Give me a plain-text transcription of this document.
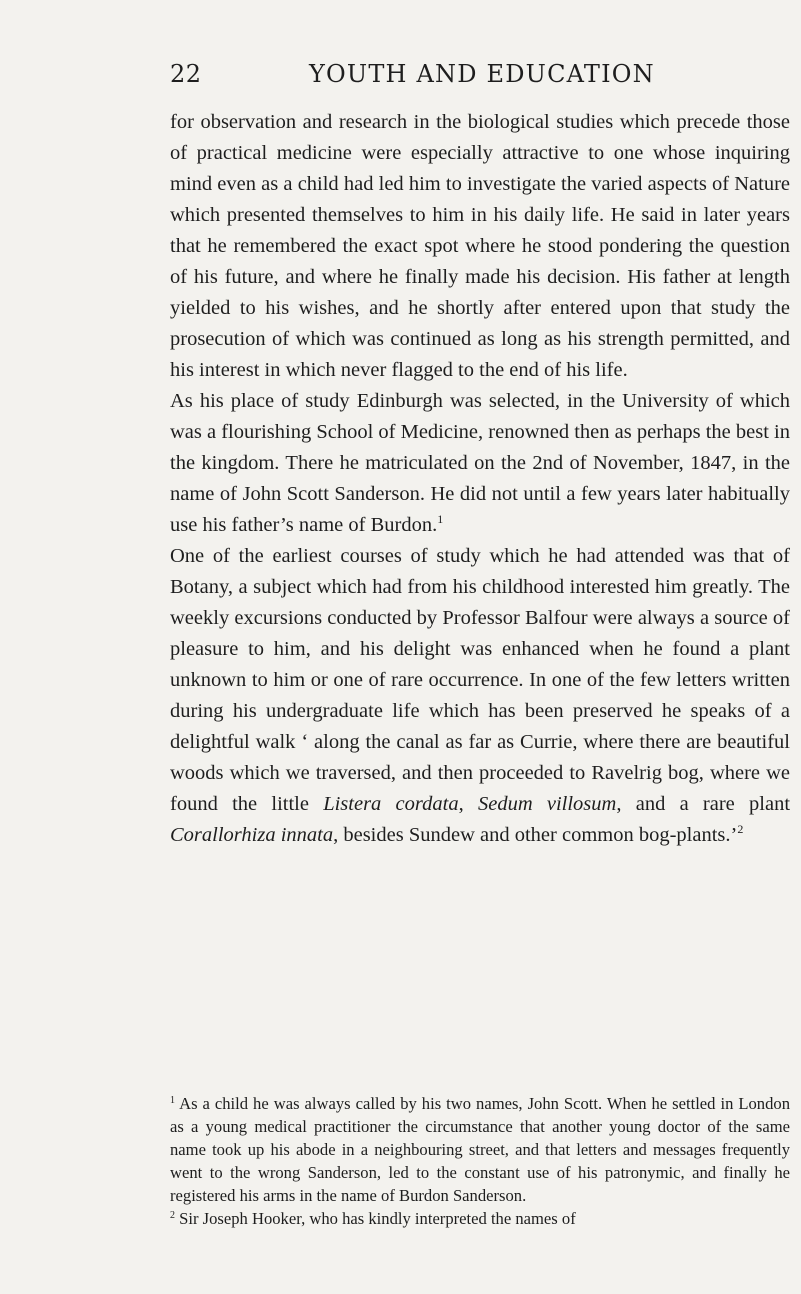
22	YOUTH AND EDUCATION

for observation and research in the biological studies which precede those of practical medicine were especially attractive to one whose inquiring mind even as a child had led him to investigate the varied aspects of Nature which presented themselves to him in his daily life. He said in later years that he remembered the exact spot where he stood pondering the question of his future, and where he finally made his decision. His father at length yielded to his wishes, and he shortly after entered upon that study the prosecution of which was continued as long as his strength permitted, and his interest in which never flagged to the end of his life.

As his place of study Edinburgh was selected, in the University of which was a flourishing School of Medicine, renowned then as perhaps the best in the kingdom. There he matriculated on the 2nd of November, 1847, in the name of John Scott Sanderson. He did not until a few years later habitually use his father’s name of Burdon.$^1$

One of the earliest courses of study which he had attended was that of Botany, a subject which had from his childhood interested him greatly. The weekly excursions conducted by Professor Balfour were always a source of pleasure to him, and his delight was enhanced when he found a plant unknown to him or one of rare occurrence. In one of the few letters written during his undergraduate life which has been preserved he speaks of a delightful walk ‘ along the canal as far as Currie, where there are beautiful woods which we traversed, and then proceeded to Ravelrig bog, where we found the little Listera cordata, Sedum villosum, and a rare plant Corallorhiza innata, besides Sundew and other common bog-plants.’$^2$

$^1$ As a child he was always called by his two names, John Scott. When he settled in London as a young medical practitioner the circumstance that another young doctor of the same name took up his abode in a neighbouring street, and that letters and messages frequently went to the wrong Sanderson, led to the constant use of his patronymic, and finally he registered his arms in the name of Burdon Sanderson.

$^2$ Sir Joseph Hooker, who has kindly interpreted the names of
